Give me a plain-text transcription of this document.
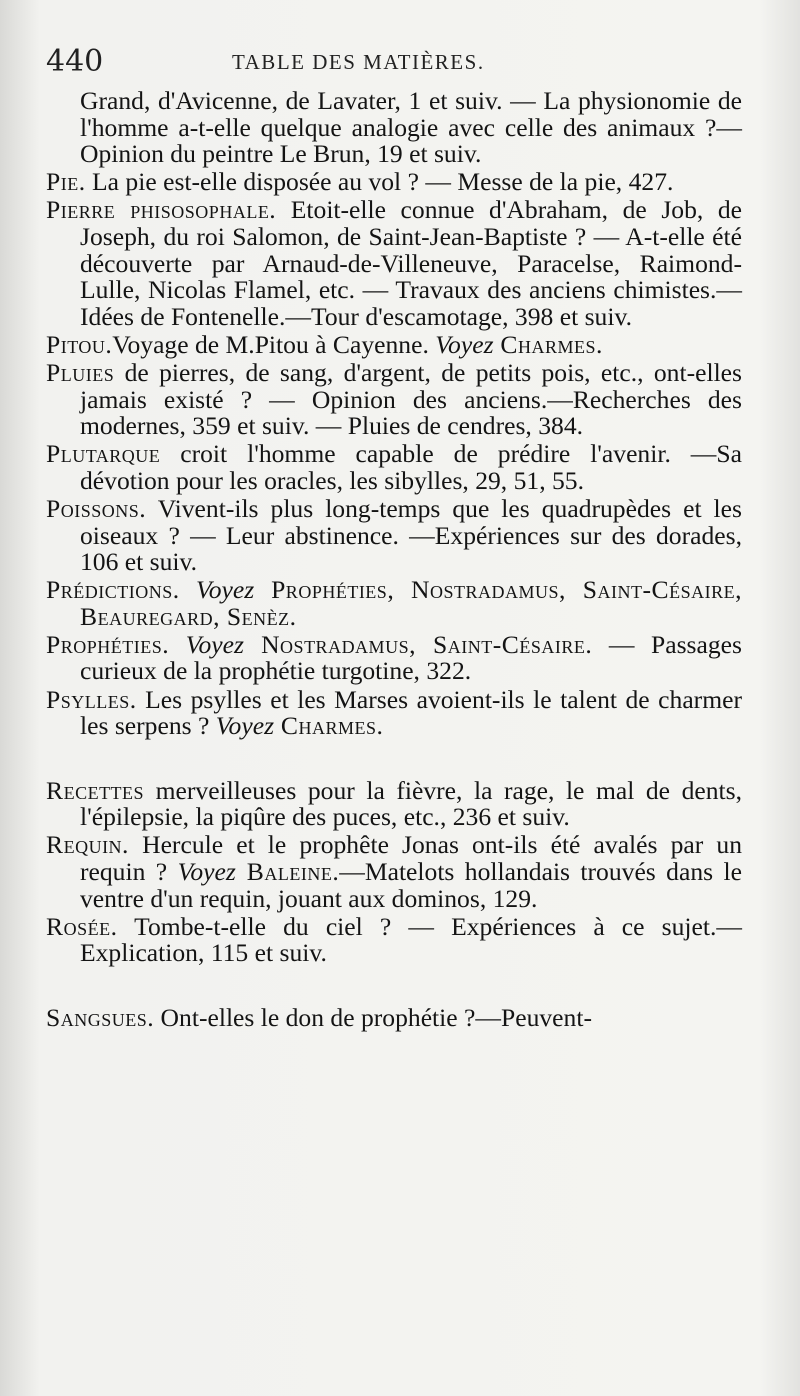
440	TABLE DES MATIÈRES.

Grand, d'Avicenne, de Lavater, 1 et suiv. — La physionomie de l'homme a-t-elle quelque analogie avec celle des animaux ?— Opinion du peintre Le Brun, 19 et suiv.

Pie. La pie est-elle disposée au vol ? — Messe de la pie, 427.

Pierre phisosophale. Etoit-elle connue d'Abraham, de Job, de Joseph, du roi Salomon, de Saint-Jean-Baptiste ? — A-t-elle été découverte par Arnaud-de-Villeneuve, Paracelse, Raimond-Lulle, Nicolas Flamel, etc. — Travaux des anciens chimistes.—Idées de Fontenelle.—Tour d'escamotage, 398 et suiv.

Pitou.Voyage de M.Pitou à Cayenne. Voyez Charmes.

Pluies de pierres, de sang, d'argent, de petits pois, etc., ont-elles jamais existé ? — Opinion des anciens.—Recherches des modernes, 359 et suiv. — Pluies de cendres, 384.

Plutarque croit l'homme capable de prédire l'avenir. —Sa dévotion pour les oracles, les sibylles, 29, 51, 55.

Poissons. Vivent-ils plus long-temps que les quadrupèdes et les oiseaux ? — Leur abstinence. —Expériences sur des dorades, 106 et suiv.

Prédictions. Voyez Prophéties, Nostradamus, Saint-Césaire, Beauregard, Senèz.

Prophéties. Voyez Nostradamus, Saint-Césaire. — Passages curieux de la prophétie turgotine, 322.

Psylles. Les psylles et les Marses avoient-ils le talent de charmer les serpens ? Voyez Charmes.

Recettes merveilleuses pour la fièvre, la rage, le mal de dents, l'épilepsie, la piqûre des puces, etc., 236 et suiv.

Requin. Hercule et le prophête Jonas ont-ils été avalés par un requin ? Voyez Baleine.—Matelots hollandais trouvés dans le ventre d'un requin, jouant aux dominos, 129.

Rosée. Tombe-t-elle du ciel ? — Expériences à ce sujet.—Explication, 115 et suiv.

Sangsues. Ont-elles le don de prophétie ?—Peuvent-
